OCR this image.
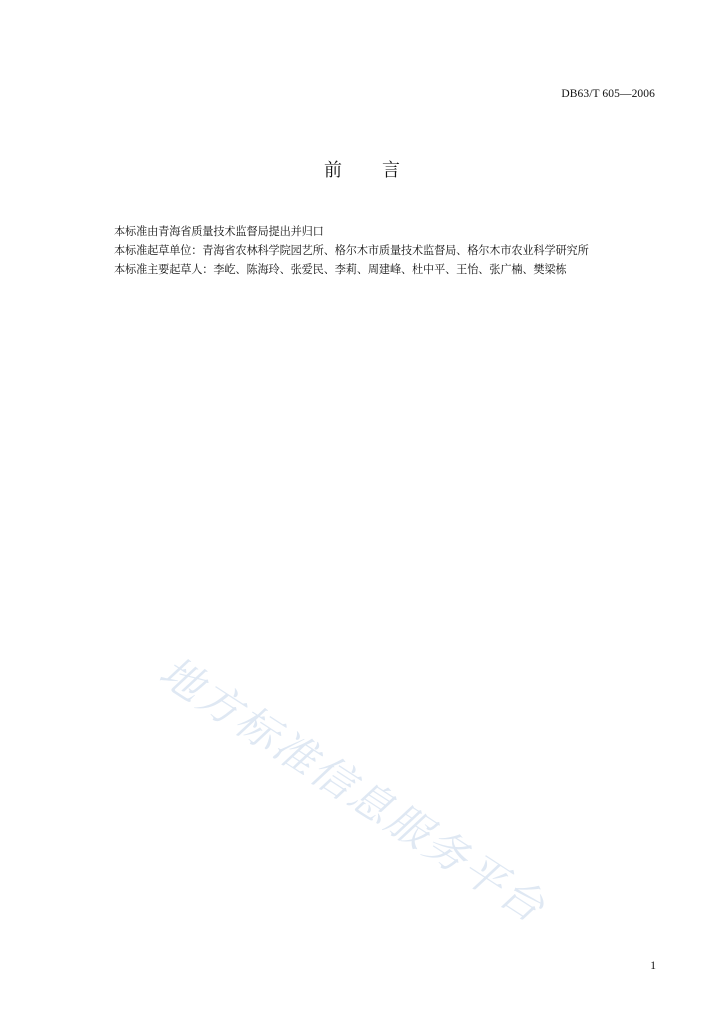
DB63/T 605—2006
前 言
本标准由青海省质量技术监督局提出并归口
本标准起草单位：青海省农林科学院园艺所、格尔木市质量技术监督局、格尔木市农业科学研究所
本标准主要起草人：李屹、陈海玲、张爱民、李莉、周建峰、杜中平、王怡、张广楠、樊梁栋
地方标准信息服务平台
1
